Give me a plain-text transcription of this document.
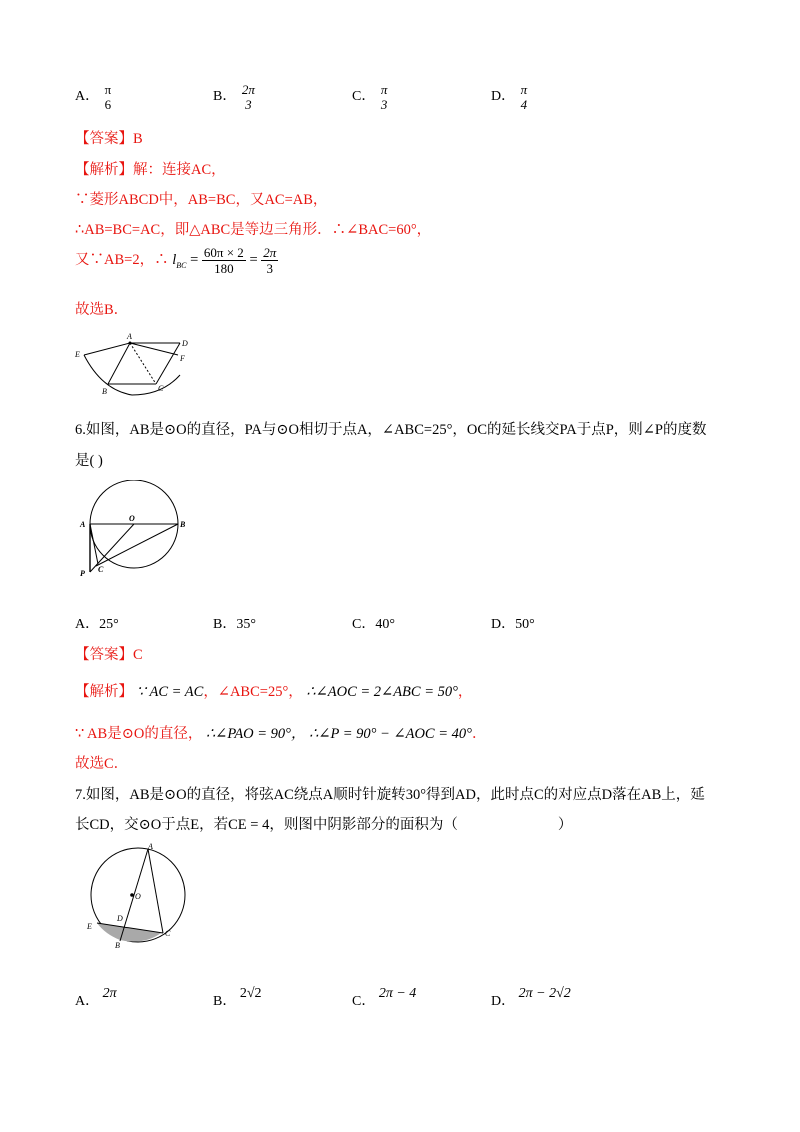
A． π
6
B． 2π
3
C． π
3
D． π
4
【答案】B
【解析】解：连接AC，
∵菱形ABCD中，AB=BC，又AC=AB，
∴AB=BC=AC，即△ABC是等边三角形．∴∠BAC=60°，
又∵AB=2，∴ $l_{BC} = \frac{60\pi \times 2}{180} = \frac{2\pi}{3}$
故选B．
A
D
E	F
B	C
6.如图，AB是⊙O的直径，PA与⊙O相切于点A，∠ABC=25°，OC的延长线交PA于点P，则∠P的度数
是( )
A
O
B
C
P
A．25°	B．35°	C．40°	D．50°
【答案】C
【解析】 ∵ AC = AC，∠ABC=25°， ∴∠AOC = 2∠ABC = 50°，
∵ AB是⊙O的直径， ∴∠PAO = 90°， ∴∠P = 90° − ∠AOC = 40°．
故选C．
7.如图，AB是⊙O的直径，将弦AC绕点A顺时针旋转30°得到AD，此时点C的对应点D落在AB上，延
长CD，交⊙O于点E，若CE = 4，则图中阴影部分的面积为（	）
A
O
D
E
B
C
A． 2π
B． 2√2
C． 2π − 4
D． 2π − 2√2
